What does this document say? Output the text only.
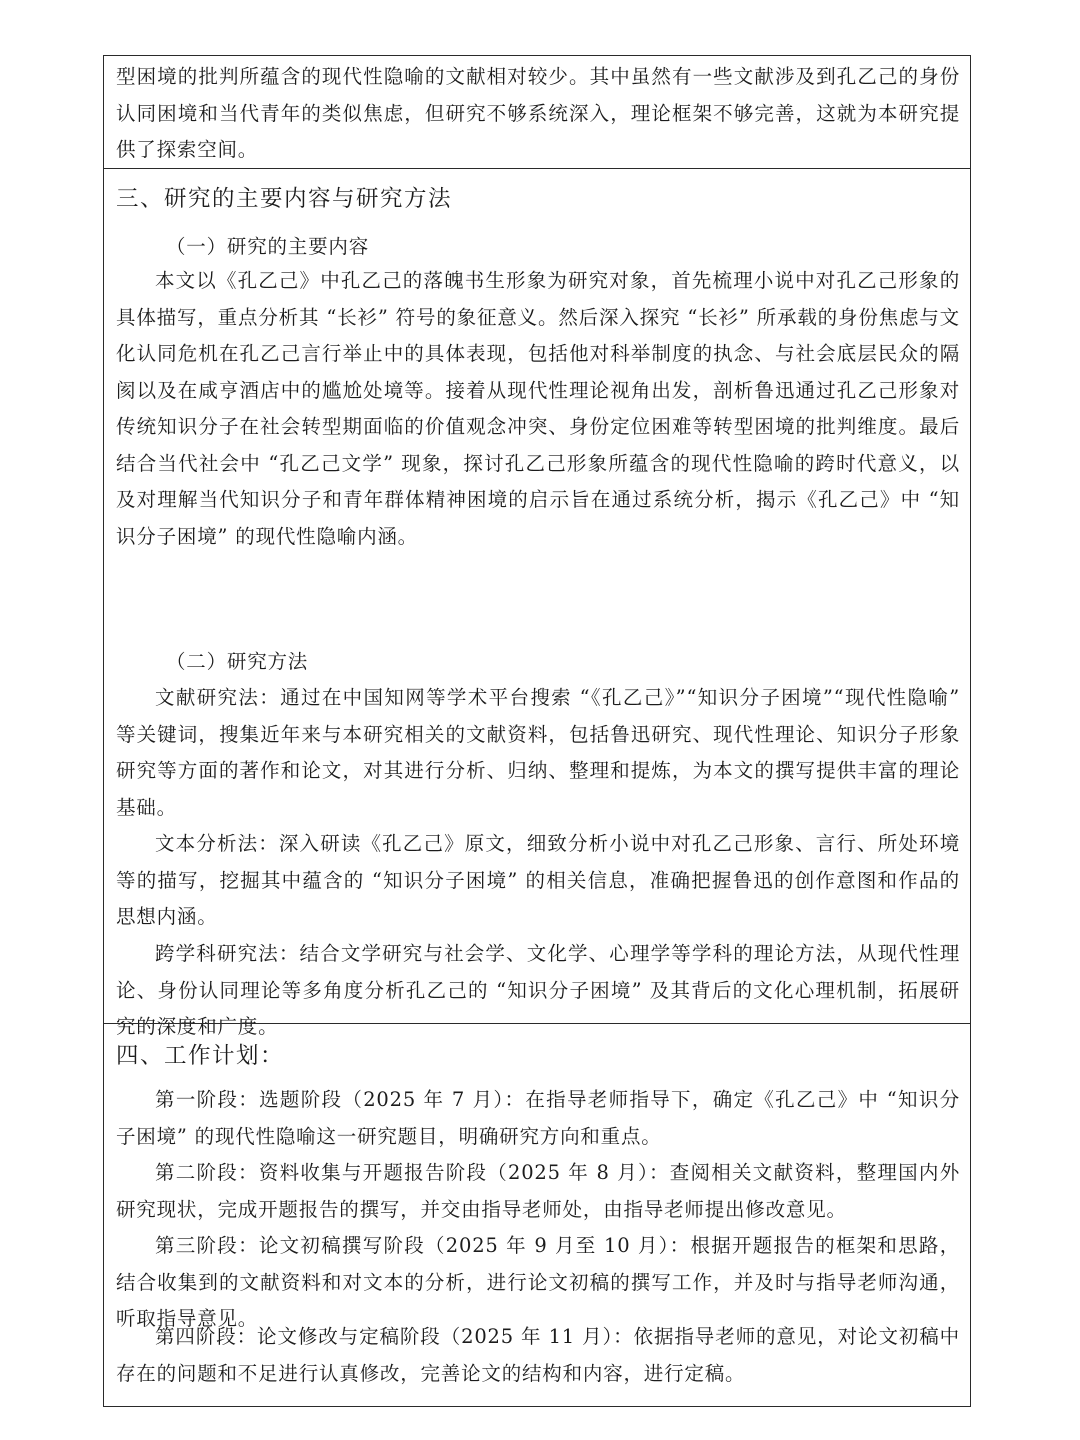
型困境的批判所蕴含的现代性隐喻的文献相对较少。其中虽然有一些文献涉及到孔乙己的身份认同困境和当代青年的类似焦虑，但研究不够系统深入，理论框架不够完善，这就为本研究提供了探索空间。

三、研究的主要内容与研究方法
（一）研究的主要内容

本文以《孔乙己》中孔乙己的落魄书生形象为研究对象，首先梳理小说中对孔乙己形象的具体描写，重点分析其 “长衫” 符号的象征意义。然后深入探究 “长衫” 所承载的身份焦虑与文化认同危机在孔乙己言行举止中的具体表现，包括他对科举制度的执念、与社会底层民众的隔阂以及在咸亨酒店中的尴尬处境等。接着从现代性理论视角出发，剖析鲁迅通过孔乙己形象对传统知识分子在社会转型期面临的价值观念冲突、身份定位困难等转型困境的批判维度。最后结合当代社会中 “孔乙己文学” 现象，探讨孔乙己形象所蕴含的现代性隐喻的跨时代意义，以及对理解当代知识分子和青年群体精神困境的启示旨在通过系统分析，揭示《孔乙己》中 “知识分子困境” 的现代性隐喻内涵。

（二）研究方法

文献研究法：通过在中国知网等学术平台搜索 “《孔乙己》”“知识分子困境”“现代性隐喻” 等关键词，搜集近年来与本研究相关的文献资料，包括鲁迅研究、现代性理论、知识分子形象研究等方面的著作和论文，对其进行分析、归纳、整理和提炼，为本文的撰写提供丰富的理论基础。

文本分析法：深入研读《孔乙己》原文，细致分析小说中对孔乙己形象、言行、所处环境等的描写，挖掘其中蕴含的 “知识分子困境” 的相关信息，准确把握鲁迅的创作意图和作品的思想内涵。

跨学科研究法：结合文学研究与社会学、文化学、心理学等学科的理论方法，从现代性理论、身份认同理论等多角度分析孔乙己的 “知识分子困境” 及其背后的文化心理机制，拓展研究的深度和广度。

四、工作计划：

第一阶段：选题阶段（2025 年 7 月）：在指导老师指导下，确定《孔乙己》中 “知识分子困境” 的现代性隐喻这一研究题目，明确研究方向和重点。

第二阶段：资料收集与开题报告阶段（2025 年 8 月）：查阅相关文献资料，整理国内外研究现状，完成开题报告的撰写，并交由指导老师处，由指导老师提出修改意见。

第三阶段：论文初稿撰写阶段（2025 年 9 月至 10 月）：根据开题报告的框架和思路，结合收集到的文献资料和对文本的分析，进行论文初稿的撰写工作，并及时与指导老师沟通，听取指导意见。

第四阶段：论文修改与定稿阶段（2025 年 11 月）：依据指导老师的意见，对论文初稿中存在的问题和不足进行认真修改，完善论文的结构和内容，进行定稿。
